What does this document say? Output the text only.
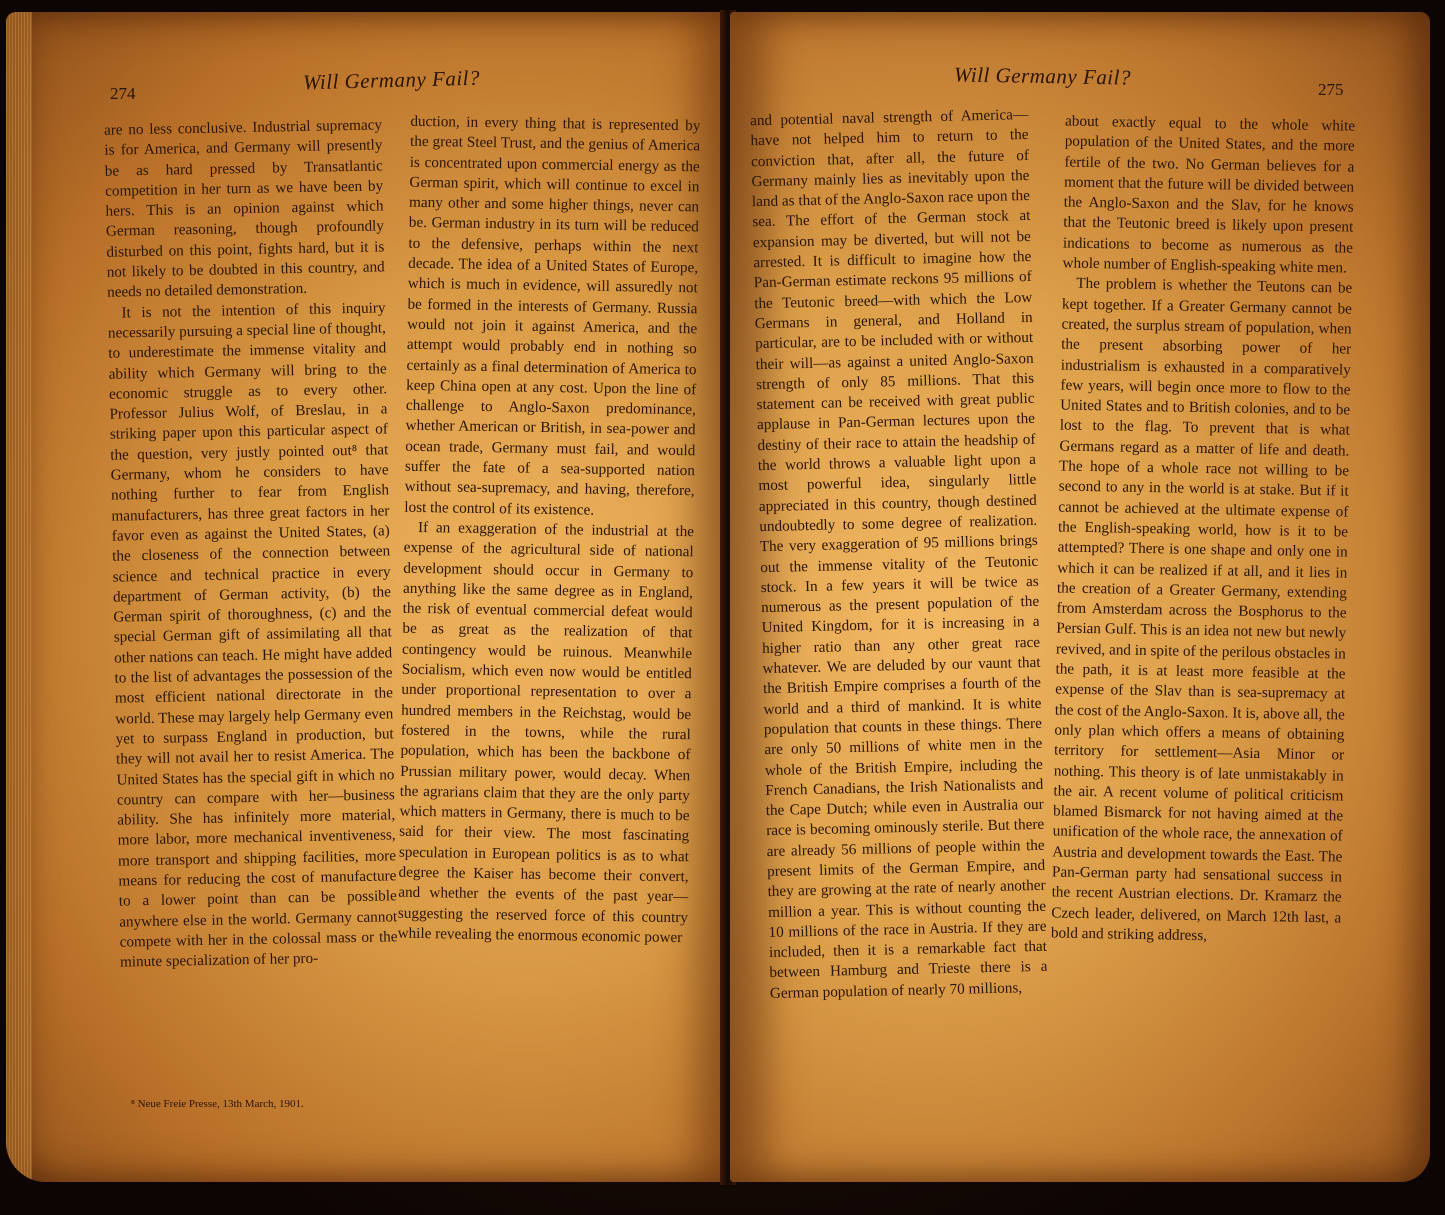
274	Will Germany Fail?

are no less conclusive. Industrial supremacy is for America, and Germany will presently be as hard pressed by Transatlantic competition in her turn as we have been by hers. This is an opinion against which German reasoning, though profoundly disturbed on this point, fights hard, but it is not likely to be doubted in this country, and needs no detailed demonstration.

It is not the intention of this inquiry necessarily pursuing a special line of thought, to underestimate the immense vitality and ability which Germany will bring to the economic struggle as to every other. Professor Julius Wolf, of Breslau, in a striking paper upon this particular aspect of the question, very justly pointed out⁸ that Germany, whom he considers to have nothing further to fear from English manufacturers, has three great factors in her favor even as against the United States, (a) the closeness of the connection between science and technical practice in every department of German activity, (b) the German spirit of thoroughness, (c) and the special German gift of assimilating all that other nations can teach. He might have added to the list of advantages the possession of the most efficient national directorate in the world. These may largely help Germany even yet to surpass England in production, but they will not avail her to resist America. The United States has the special gift in which no country can compare with her—business ability. She has infinitely more material, more labor, more mechanical inventiveness, more transport and shipping facilities, more means for reducing the cost of manufacture to a lower point than can be possible anywhere else in the world. Germany cannot compete with her in the colossal mass or the minute specialization of her pro-

⁸ Neue Freie Presse, 13th March, 1901.

duction, in every thing that is represented by the great Steel Trust, and the genius of America is concentrated upon commercial energy as the German spirit, which will continue to excel in many other and some higher things, never can be. German industry in its turn will be reduced to the defensive, perhaps within the next decade. The idea of a United States of Europe, which is much in evidence, will assuredly not be formed in the interests of Germany. Russia would not join it against America, and the attempt would probably end in nothing so certainly as a final determination of America to keep China open at any cost. Upon the line of challenge to Anglo-Saxon predominance, whether American or British, in sea-power and ocean trade, Germany must fail, and would suffer the fate of a sea-supported nation without sea-supremacy, and having, therefore, lost the control of its existence.

If an exaggeration of the industrial at the expense of the agricultural side of national development should occur in Germany to anything like the same degree as in England, the risk of eventual commercial defeat would be as great as the realization of that contingency would be ruinous. Meanwhile Socialism, which even now would be entitled under proportional representation to over a hundred members in the Reichstag, would be fostered in the towns, while the rural population, which has been the backbone of Prussian military power, would decay. When the agrarians claim that they are the only party which matters in Germany, there is much to be said for their view. The most fascinating speculation in European politics is as to what degree the Kaiser has become their convert, and whether the events of the past year—suggesting the reserved force of this country while revealing the enormous economic power

Will Germany Fail?	275

and potential naval strength of America—have not helped him to return to the conviction that, after all, the future of Germany mainly lies as inevitably upon the land as that of the Anglo-Saxon race upon the sea. The effort of the German stock at expansion may be diverted, but will not be arrested. It is difficult to imagine how the Pan-German estimate reckons 95 millions of the Teutonic breed—with which the Low Germans in general, and Holland in particular, are to be included with or without their will—as against a united Anglo-Saxon strength of only 85 millions. That this statement can be received with great public applause in Pan-German lectures upon the destiny of their race to attain the headship of the world throws a valuable light upon a most powerful idea, singularly little appreciated in this country, though destined undoubtedly to some degree of realization. The very exaggeration of 95 millions brings out the immense vitality of the Teutonic stock. In a few years it will be twice as numerous as the present population of the United Kingdom, for it is increasing in a higher ratio than any other great race whatever. We are deluded by our vaunt that the British Empire comprises a fourth of the world and a third of mankind. It is white population that counts in these things. There are only 50 millions of white men in the whole of the British Empire, including the French Canadians, the Irish Nationalists and the Cape Dutch; while even in Australia our race is becoming ominously sterile. But there are already 56 millions of people within the present limits of the German Empire, and they are growing at the rate of nearly another million a year. This is without counting the 10 millions of the race in Austria. If they are included, then it is a remarkable fact that between Hamburg and Trieste there is a German population of nearly 70 millions,

about exactly equal to the whole white population of the United States, and the more fertile of the two. No German believes for a moment that the future will be divided between the Anglo-Saxon and the Slav, for he knows that the Teutonic breed is likely upon present indications to become as numerous as the whole number of English-speaking white men.

The problem is whether the Teutons can be kept together. If a Greater Germany cannot be created, the surplus stream of population, when the present absorbing power of her industrialism is exhausted in a comparatively few years, will begin once more to flow to the United States and to British colonies, and to be lost to the flag. To prevent that is what Germans regard as a matter of life and death. The hope of a whole race not willing to be second to any in the world is at stake. But if it cannot be achieved at the ultimate expense of the English-speaking world, how is it to be attempted? There is one shape and only one in which it can be realized if at all, and it lies in the creation of a Greater Germany, extending from Amsterdam across the Bosphorus to the Persian Gulf. This is an idea not new but newly revived, and in spite of the perilous obstacles in the path, it is at least more feasible at the expense of the Slav than is sea-supremacy at the cost of the Anglo-Saxon. It is, above all, the only plan which offers a means of obtaining territory for settlement—Asia Minor or nothing. This theory is of late unmistakably in the air. A recent volume of political criticism blamed Bismarck for not having aimed at the unification of the whole race, the annexation of Austria and development towards the East. The Pan-German party had sensational success in the recent Austrian elections. Dr. Kramarz the Czech leader, delivered, on March 12th last, a bold and striking address,
